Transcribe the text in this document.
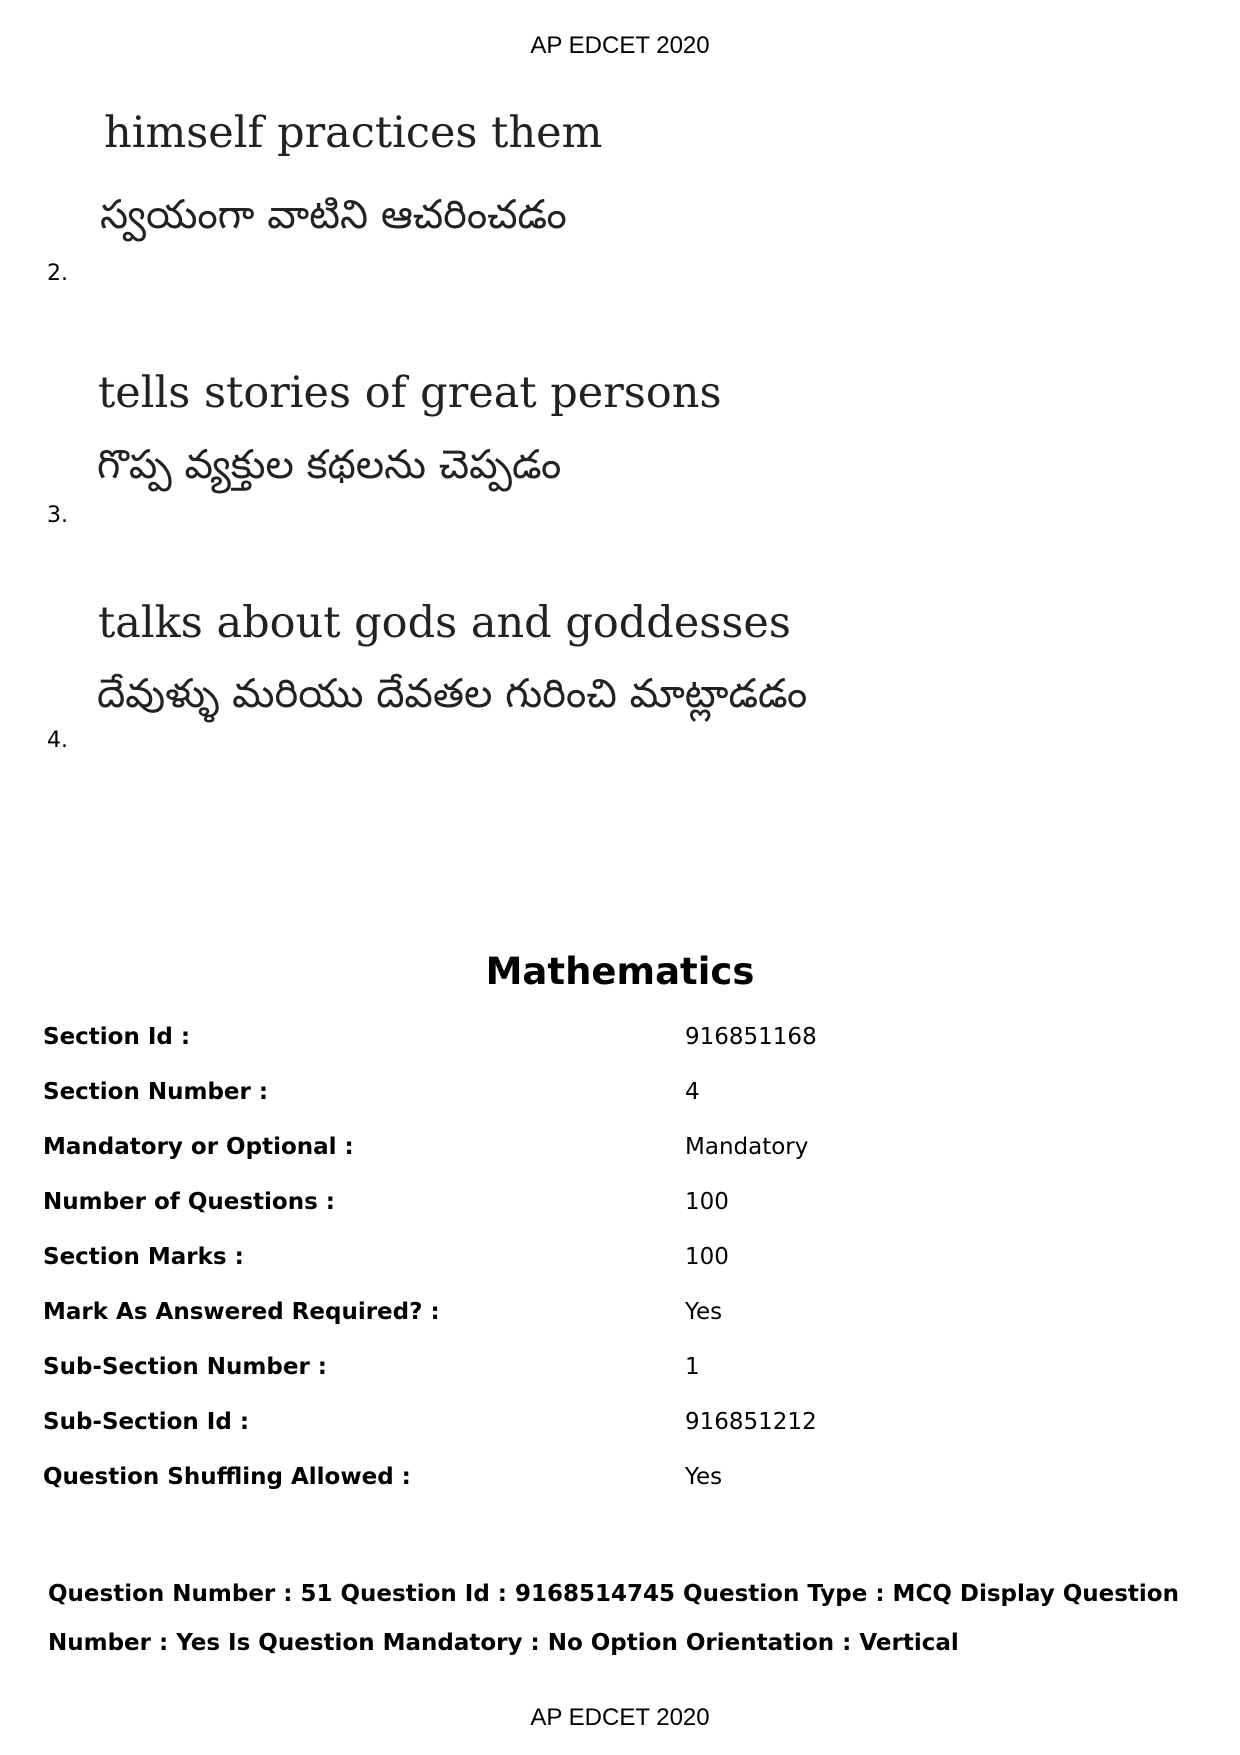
AP EDCET 2020
himself practices them
స్వయంగా వాటిని ఆచరించడం
2.
tells stories of great persons
గొప్ప వ్యక్తుల కథలను చెప్పడం
3.
talks about gods and goddesses
దేవుళ్ళు మరియు దేవతల గురించి మాట్లాడడం
4.
Mathematics
Section Id :	916851168
Section Number :	4
Mandatory or Optional :	Mandatory
Number of Questions :	100
Section Marks :	100
Mark As Answered Required? :	Yes
Sub-Section Number :	1
Sub-Section Id :	916851212
Question Shuffling Allowed :	Yes
Question Number : 51 Question Id : 9168514745 Question Type : MCQ Display Question
Number : Yes Is Question Mandatory : No Option Orientation : Vertical
AP EDCET 2020
